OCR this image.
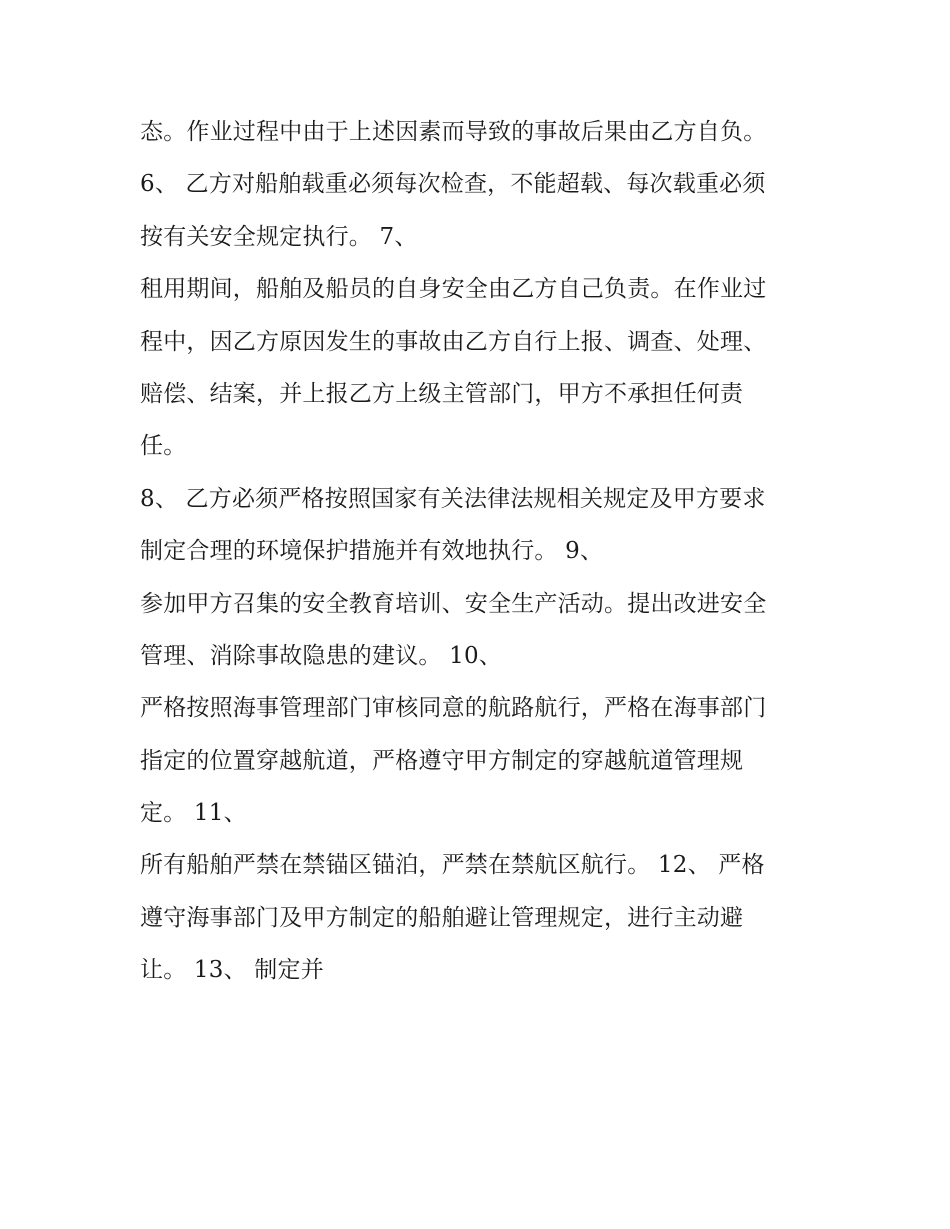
态。作业过程中由于上述因素而导致的事故后果由乙方自负。
6、 乙方对船舶载重必须每次检查，不能超载、每次载重必须
按有关安全规定执行。 7、
租用期间，船舶及船员的自身安全由乙方自己负责。在作业过
程中，因乙方原因发生的事故由乙方自行上报、调查、处理、
赔偿、结案，并上报乙方上级主管部门，甲方不承担任何责
任。
8、 乙方必须严格按照国家有关法律法规相关规定及甲方要求
制定合理的环境保护措施并有效地执行。 9、
参加甲方召集的安全教育培训、安全生产活动。提出改进安全
管理、消除事故隐患的建议。 10、
严格按照海事管理部门审核同意的航路航行，严格在海事部门
指定的位置穿越航道，严格遵守甲方制定的穿越航道管理规
定。 11、
所有船舶严禁在禁锚区锚泊，严禁在禁航区航行。 12、 严格
遵守海事部门及甲方制定的船舶避让管理规定，进行主动避
让。 13、 制定并
